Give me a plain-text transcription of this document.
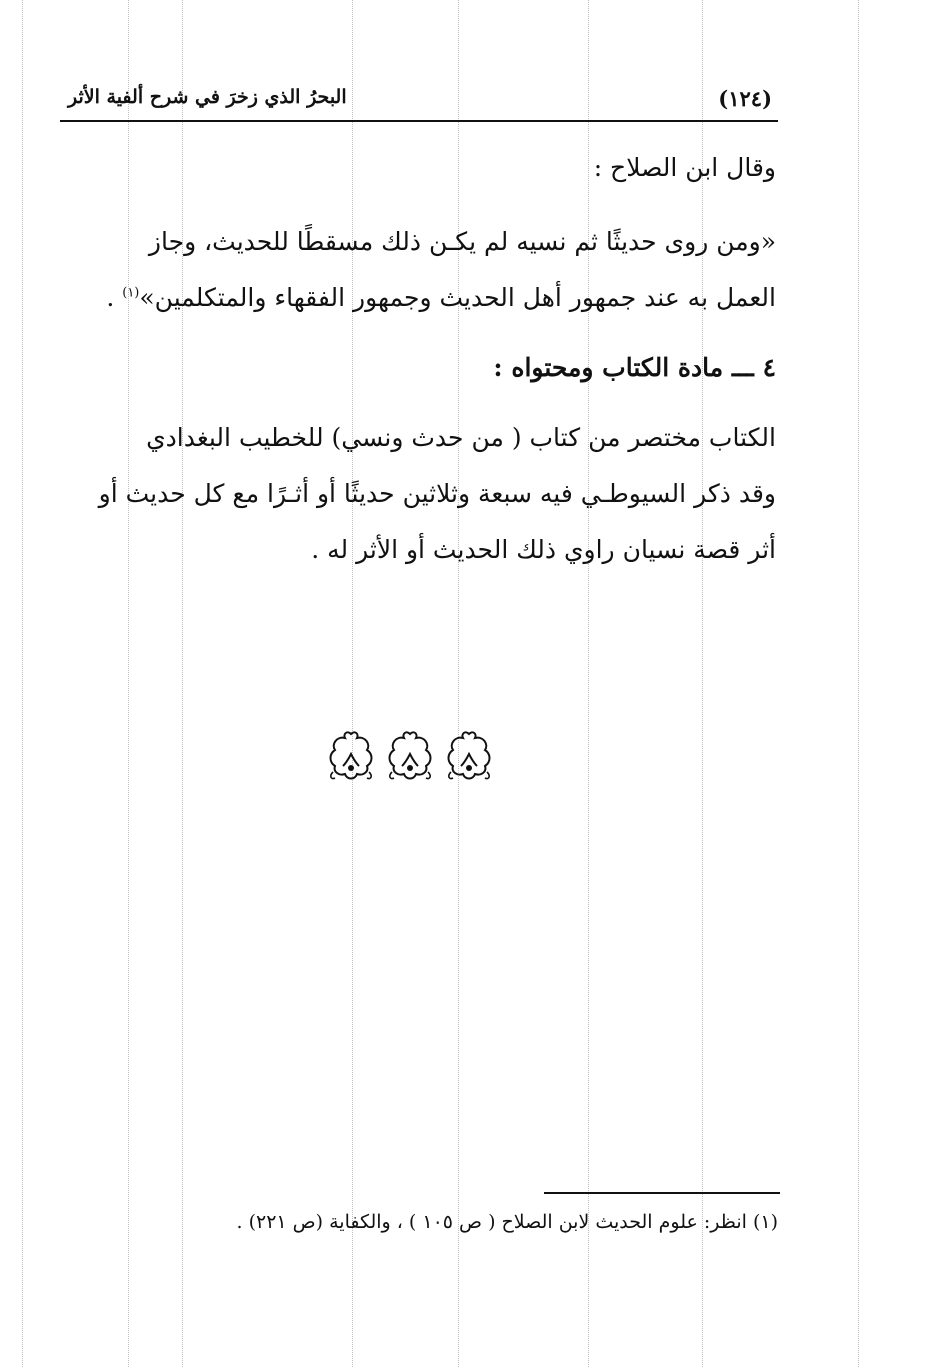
(١٢٤)
البحرُ الذي زخرَ في شرح ألفية الأثر

وقال ابن الصلاح :

«ومن روى حديثًا ثم نسيه لم يكـن ذلك مسقطًا للحديث، وجاز

العمل به عند جمهور أهل الحديث وجمهور الفقهاء والمتكلمين»$^{(١)}$ .

٤ ـــ مادة الكتاب ومحتواه :

الكتاب مختصر من كتاب ( من حدث ونسي) للخطيب البغدادي

وقد ذكر السيوطـي فيه سبعة وثلاثين حديثًا أو أثـرًا مع كل حديث أو

أثر قصة نسيان راوي ذلك الحديث أو الأثر له .

(١) انظر: علوم الحديث لابن الصلاح ( ص ١٠٥ ) ، والكفاية (ص ٢٢١) .
